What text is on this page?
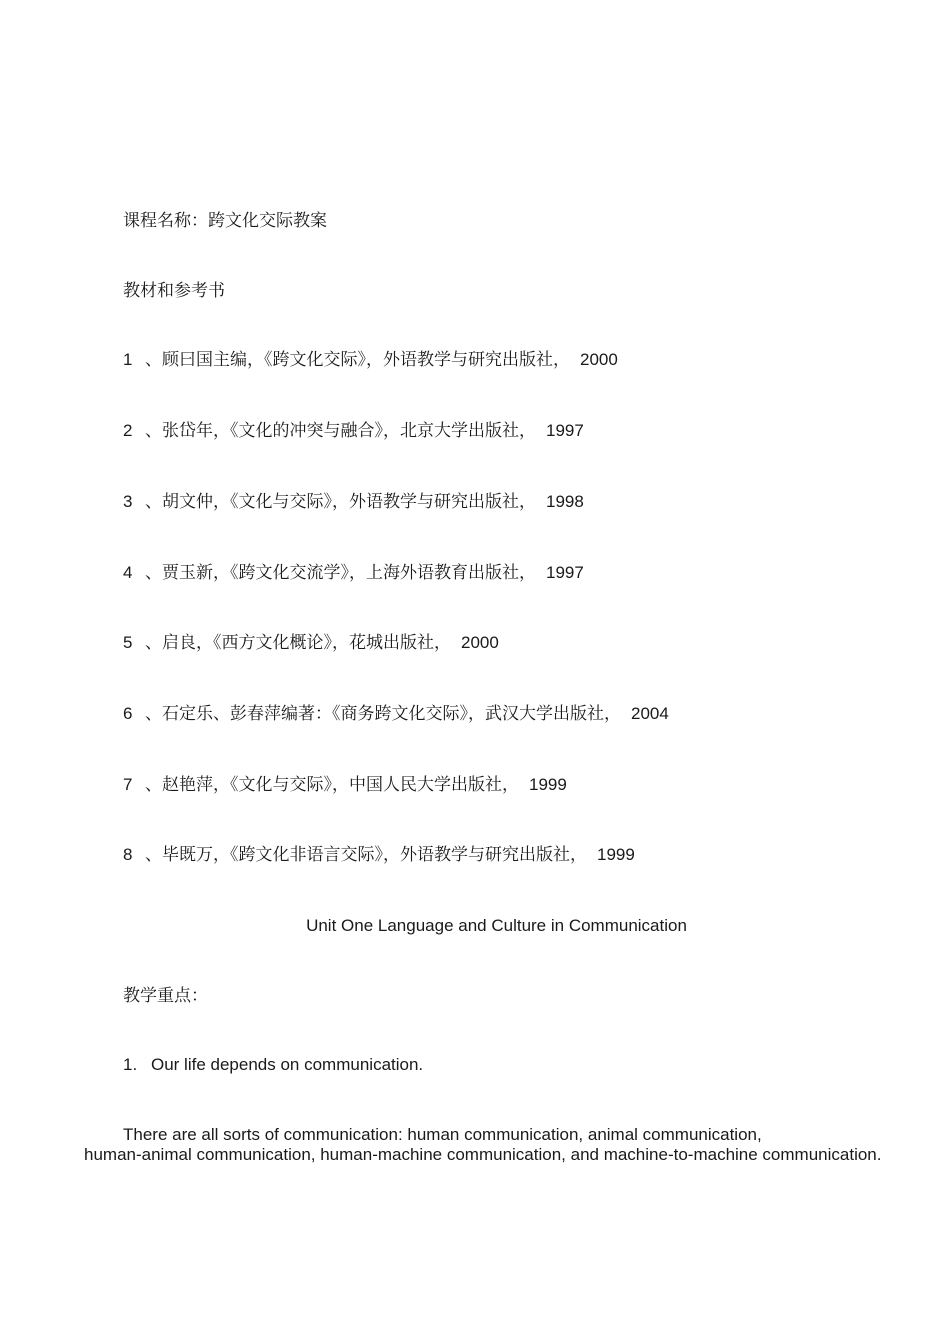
课程名称：跨文化交际教案
教材和参考书
1 、顾曰国主编，《跨文化交际》，外语教学与研究出版社， 2000
2 、张岱年，《文化的冲突与融合》，北京大学出版社， 1997
3 、胡文仲，《文化与交际》，外语教学与研究出版社， 1998
4 、贾玉新，《跨文化交流学》，上海外语教育出版社， 1997
5 、启良，《西方文化概论》，花城出版社， 2000
6 、石定乐、彭春萍编著：《商务跨文化交际》，武汉大学出版社， 2004
7 、赵艳萍，《文化与交际》，中国人民大学出版社， 1999
8 、毕既万，《跨文化非语言交际》，外语教学与研究出版社， 1999
Unit One Language and Culture in Communication
教学重点：
1. Our life depends on communication.
There are all sorts of communication: human communication, animal communication,
human-animal communication, human-machine communication, and machine-to-machine communication.
